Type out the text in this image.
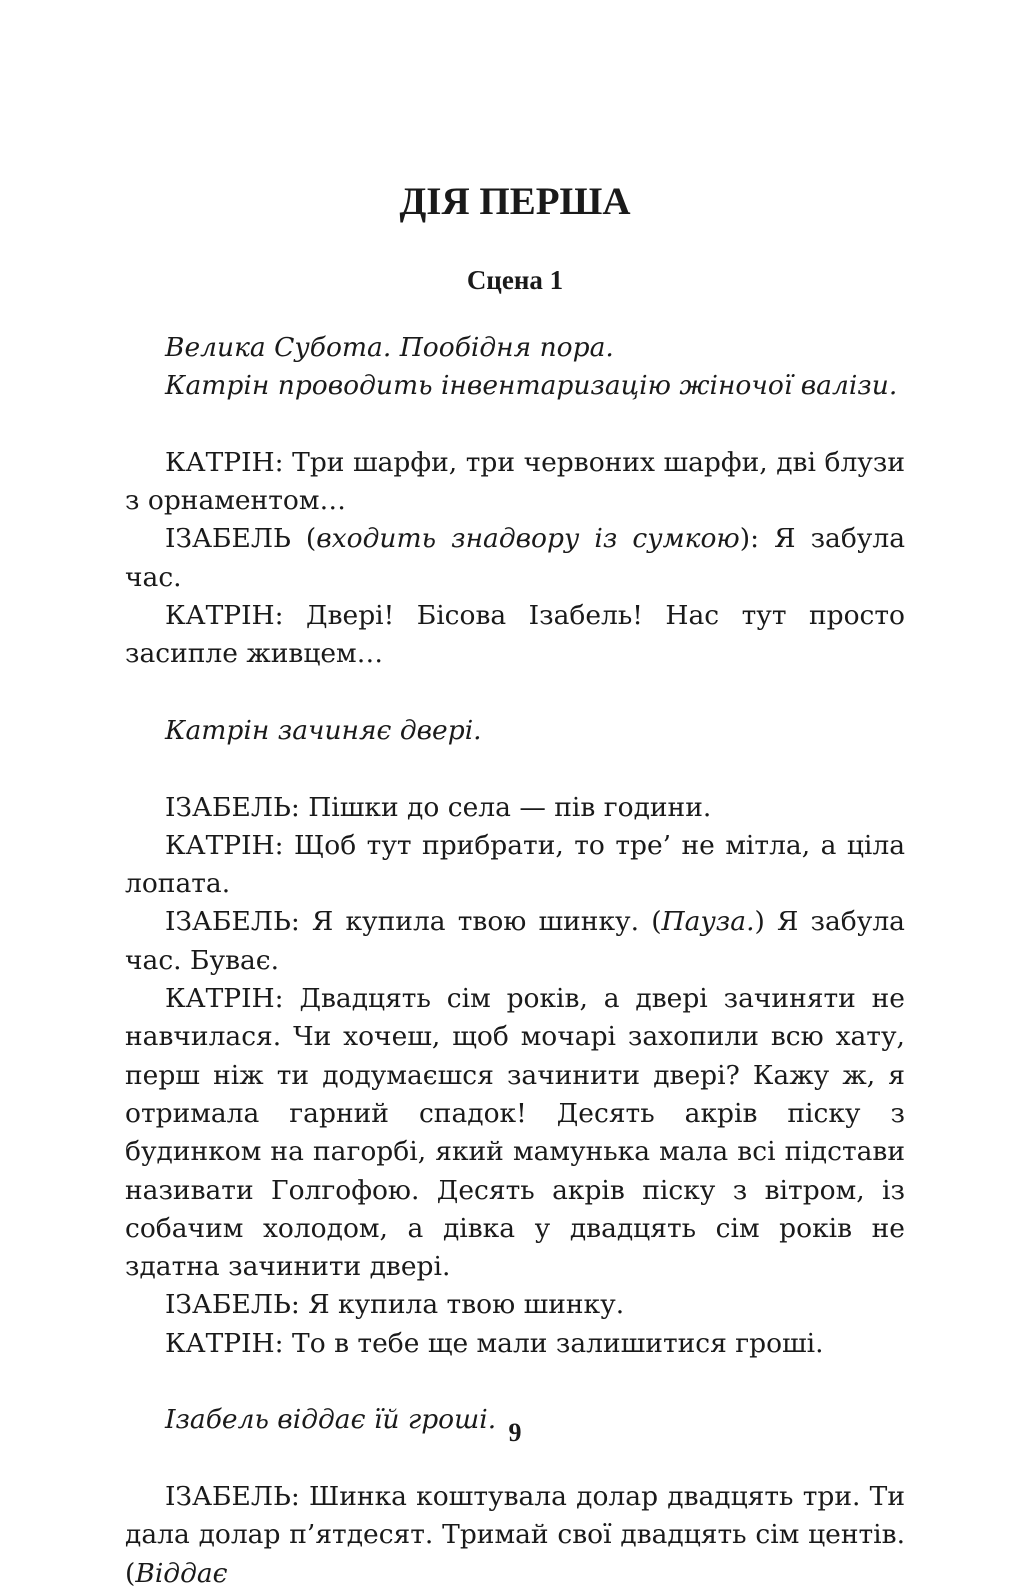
ДІЯ ПЕРША
Сцена 1

Велика Субота. Пообідня пора.

Катрін проводить інвентаризацію жіночої валізи.

КАТРІН: Три шарфи, три червоних шарфи, дві блузи з орнаментом…

ІЗАБЕЛЬ (входить знадвору із сумкою): Я забула час.

КАТРІН: Двері! Бісова Ізабель! Нас тут просто засипле живцем…

Катрін зачиняє двері.

ІЗАБЕЛЬ: Пішки до села — пів години.

КАТРІН: Щоб тут прибрати, то тре’ не мітла, а ціла лопата.

ІЗАБЕЛЬ: Я купила твою шинку. (Пауза.) Я забула час. Буває.

КАТРІН: Двадцять сім років, а двері зачиняти не навчилася. Чи хочеш, щоб мочарі захопили всю хату, перш ніж ти додумаєшся зачинити двері? Кажу ж, я отримала гарний спадок! Десять акрів піску з будинком на пагорбі, який мамунька мала всі підстави називати Голгофою. Десять акрів піску з вітром, із собачим холодом, а дівка у двадцять сім років не здатна зачинити двері.

ІЗАБЕЛЬ: Я купила твою шинку.

КАТРІН: То в тебе ще мали залишитися гроші.

Ізабель віддає їй гроші.

ІЗАБЕЛЬ: Шинка коштувала долар двадцять три. Ти дала долар п’ятдесят. Тримай свої двадцять сім центів. (Віддає

9
